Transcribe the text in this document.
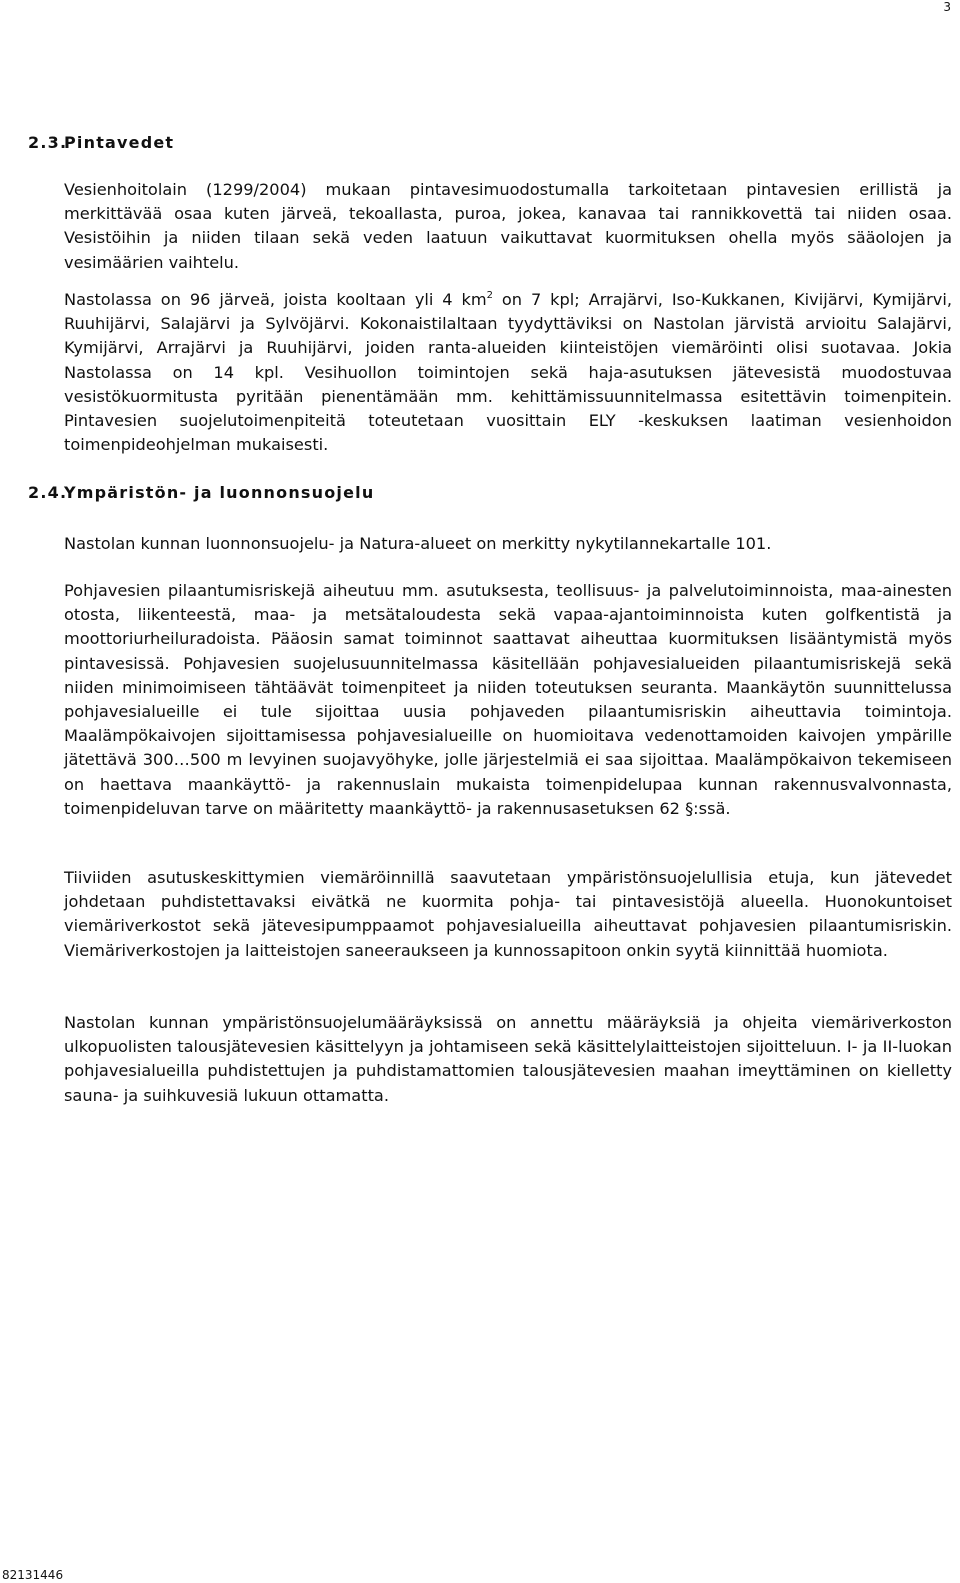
3
2.3.
Pintavedet

Vesienhoitolain (1299/2004) mukaan pintavesimuodostumalla tarkoitetaan pintavesien erillistä ja merkittävää osaa kuten järveä, tekoallasta, puroa, jokea, kanavaa tai rannikkovettä tai niiden osaa. Vesistöihin ja niiden tilaan sekä veden laatuun vaikuttavat kuormituksen ohella myös sääolojen ja vesimäärien vaihtelu.

Nastolassa on 96 järveä, joista kooltaan yli 4 $km^2$ on 7 kpl; Arrajärvi, Iso-Kukkanen, Kivijärvi, Kymijärvi, Ruuhijärvi, Salajärvi ja Sylvöjärvi. Kokonaistilaltaan tyydyttäviksi on Nastolan järvistä arvioitu Salajärvi, Kymijärvi, Arrajärvi ja Ruuhijärvi, joiden ranta-alueiden kiinteistöjen viemäröinti olisi suotavaa. Jokia Nastolassa on 14 kpl. Vesihuollon toimintojen sekä haja-asutuksen jätevesistä muodostuvaa vesistökuormitusta pyritään pienentämään mm. kehittämissuunnitelmassa esitettävin toimenpitein. Pintavesien suojelutoimenpiteitä toteutetaan vuosittain ELY -keskuksen laatiman vesienhoidon toimenpideohjelman mukaisesti.

2.4.
Ympäristön- ja luonnonsuojelu

Nastolan kunnan luonnonsuojelu- ja Natura-alueet on merkitty nykytilannekartalle 101.

Pohjavesien pilaantumisriskejä aiheutuu mm. asutuksesta, teollisuus- ja palvelutoiminnoista, maa-ainesten otosta, liikenteestä, maa- ja metsätaloudesta sekä vapaa-ajantoiminnoista kuten golfkentistä ja moottoriurheiluradoista. Pääosin samat toiminnot saattavat aiheuttaa kuormituksen lisääntymistä myös pintavesissä. Pohjavesien suojelusuunnitelmassa käsitellään pohjavesialueiden pilaantumisriskejä sekä niiden minimoimiseen tähtäävät toimenpiteet ja niiden toteutuksen seuranta. Maankäytön suunnittelussa pohjavesialueille ei tule sijoittaa uusia pohjaveden pilaantumisriskin aiheuttavia toimintoja. Maalämpökaivojen sijoittamisessa pohjavesialueille on huomioitava vedenottamoiden kaivojen ympärille jätettävä 300…500 m levyinen suojavyöhyke, jolle järjestelmiä ei saa sijoittaa. Maalämpökaivon tekemiseen on haettava maankäyttö- ja rakennuslain mukaista toimenpidelupaa kunnan rakennusvalvonnasta, toimenpideluvan tarve on määritetty maankäyttö- ja rakennusasetuksen 62 §:ssä.

Tiiviiden asutuskeskittymien viemäröinnillä saavutetaan ympäristönsuojelullisia etuja, kun jätevedet johdetaan puhdistettavaksi eivätkä ne kuormita pohja- tai pintavesistöjä alueella. Huonokuntoiset viemäriverkostot sekä jätevesipumppaamot pohjavesialueilla aiheuttavat pohjavesien pilaantumisriskin. Viemäriverkostojen ja laitteistojen saneeraukseen ja kunnossapitoon onkin syytä kiinnittää huomiota.

Nastolan kunnan ympäristönsuojelumääräyksissä on annettu määräyksiä ja ohjeita viemäriverkoston ulkopuolisten talousjätevesien käsittelyyn ja johtamiseen sekä käsittelylaitteistojen sijoitteluun. I- ja II-luokan pohjavesialueilla puhdistettujen ja puhdistamattomien talousjätevesien maahan imeyttäminen on kielletty sauna- ja suihkuvesiä lukuun ottamatta.

82131446
